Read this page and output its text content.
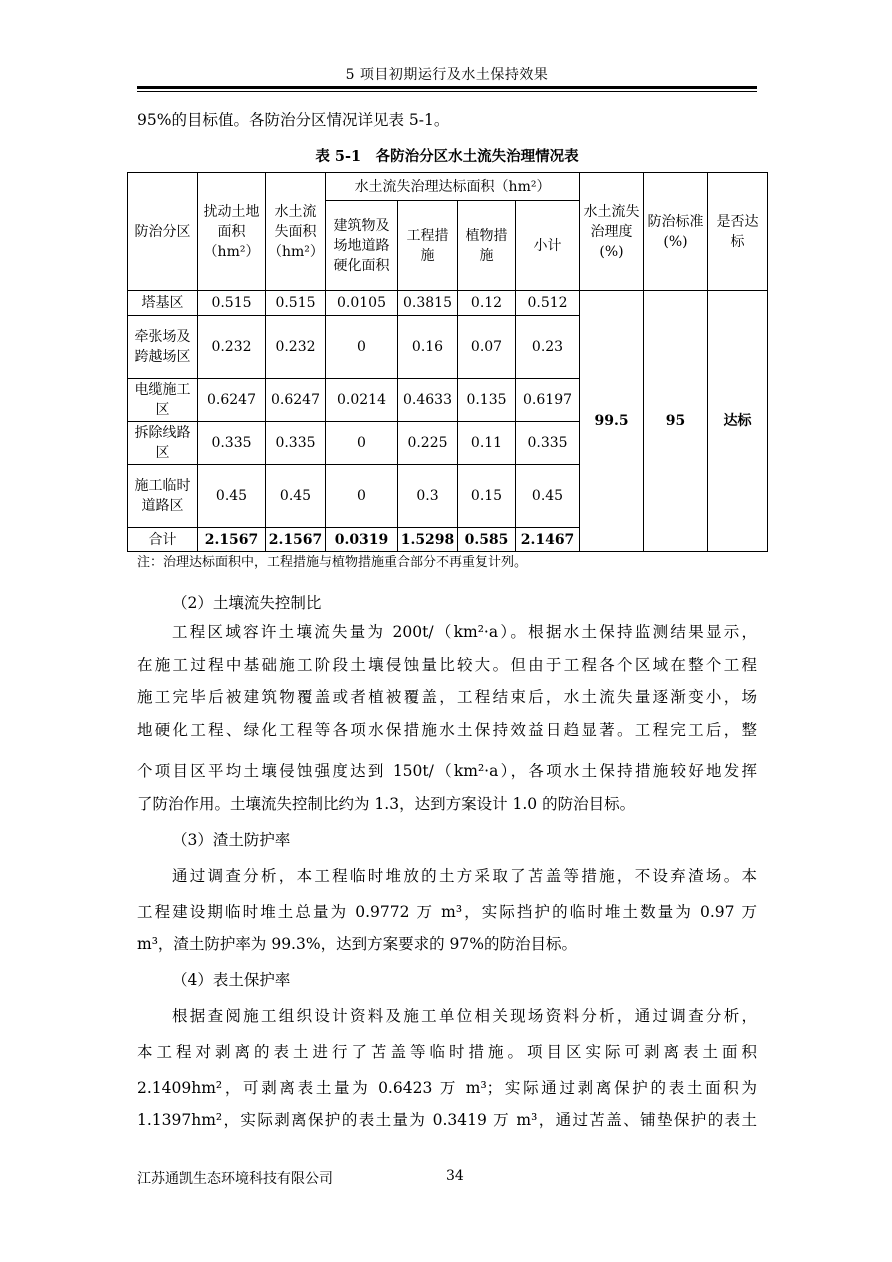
5 项目初期运行及水土保持效果
95%的目标值。各防治分区情况详见表 5-1。
表 5-1　各防治分区水土流失治理情况表
防治分区	扰动土地面积（hm²）	水土流失面积（hm²）	水土流失治理达标面积（hm²）				水土流失治理度(%)	防治标准(%)	是否达标
			建筑物及场地道路硬化面积	工程措施	植物措施	小计			
塔基区	0.515	0.515	0.0105	0.3815	0.12	0.512	99.5	95	达标
牵张场及跨越场区	0.232	0.232	0	0.16	0.07	0.23			
电缆施工区	0.6247	0.6247	0.0214	0.4633	0.135	0.6197			
拆除线路区	0.335	0.335	0	0.225	0.11	0.335			
施工临时道路区	0.45	0.45	0	0.3	0.15	0.45			
合计	2.1567	2.1567	0.0319	1.5298	0.585	2.1467			
注：治理达标面积中，工程措施与植物措施重合部分不再重复计列。
（2）土壤流失控制比
工程区域容许土壤流失量为 200t/（km²·a）。根据水土保持监测结果显示，
在施工过程中基础施工阶段土壤侵蚀量比较大。但由于工程各个区域在整个工程
施工完毕后被建筑物覆盖或者植被覆盖，工程结束后，水土流失量逐渐变小，场
地硬化工程、绿化工程等各项水保措施水土保持效益日趋显著。工程完工后，整
个项目区平均土壤侵蚀强度达到 150t/（km²·a），各项水土保持措施较好地发挥
了防治作用。土壤流失控制比约为 1.3，达到方案设计 1.0 的防治目标。
（3）渣土防护率
通过调查分析，本工程临时堆放的土方采取了苫盖等措施，不设弃渣场。本
工程建设期临时堆土总量为 0.9772 万 m³，实际挡护的临时堆土数量为 0.97 万
m³，渣土防护率为 99.3%，达到方案要求的 97%的防治目标。
（4）表土保护率
根据查阅施工组织设计资料及施工单位相关现场资料分析，通过调查分析，
本工程对剥离的表土进行了苫盖等临时措施。项目区实际可剥离表土面积
2.1409hm²，可剥离表土量为 0.6423 万 m³；实际通过剥离保护的表土面积为
1.1397hm²，实际剥离保护的表土量为 0.3419 万 m³，通过苫盖、铺垫保护的表土
江苏通凯生态环境科技有限公司	34
